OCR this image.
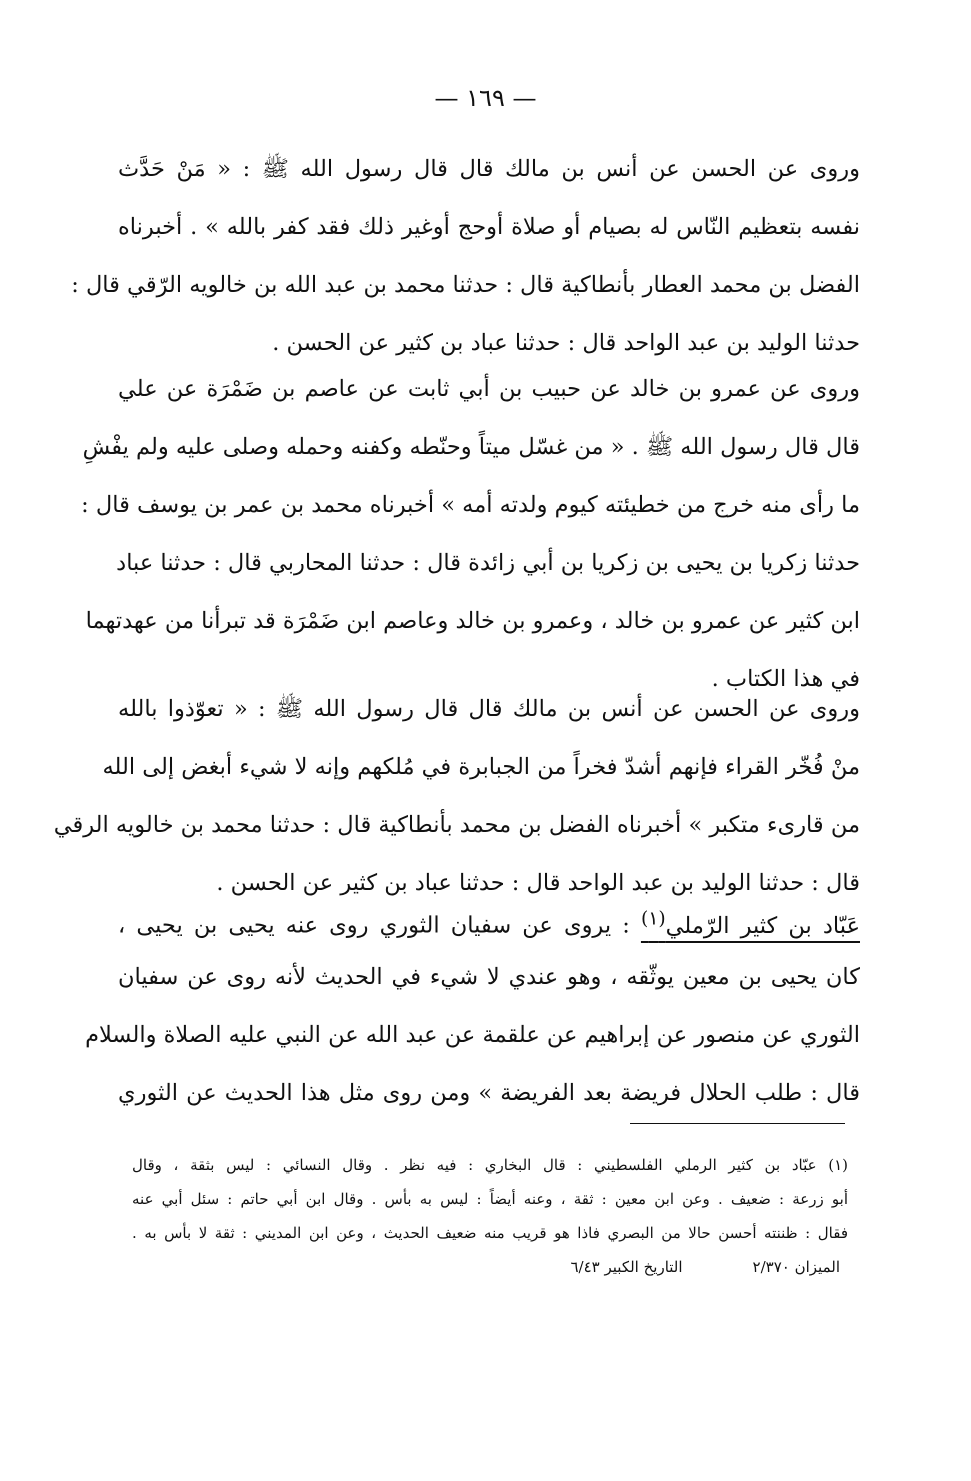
— ١٦٩ —
وروى عن الحسن عن أنس بن مالك قال قال رسول الله ﷺ : « مَنْ حَدَّث
نفسه بتعظيم النّاس له بصيام أو صلاة أوحج أوغير ذلك فقد كفر بالله » . أخبرناه
الفضل بن محمد العطار بأنطاكية قال : حدثنا محمد بن عبد الله بن خالويه الرّقي قال :
حدثنا الوليد بن عبد الواحد قال : حدثنا عباد بن كثير عن الحسن .
وروى عن عمرو بن خالد عن حبيب بن أبي ثابت عن عاصم بن ضَمْرَة عن علي
قال قال رسول الله ﷺ . « من غسّل ميتاً وحنّطه وكفنه وحمله وصلى عليه ولم يفْشِ
ما رأى منه خرج من خطيئته كيوم ولدته أمه » أخبرناه محمد بن عمر بن يوسف قال :
حدثنا زكريا بن يحيى بن زكريا بن أبي زائدة قال : حدثنا المحاربي قال : حدثنا عباد
ابن كثير عن عمرو بن خالد ، وعمرو بن خالد وعاصم ابن ضَمْرَة قد تبرأنا من عهدتهما
في هذا الكتاب .
وروى عن الحسن عن أنس بن مالك قال قال رسول الله ﷺ : « تعوّذوا بالله
منْ فُخّر القراء فإنهم أشدّ فخراً من الجبابرة في مُلكهم وإنه لا شيء أبغض إلى الله
من قارىء متكبر » أخبرناه الفضل بن محمد بأنطاكية قال : حدثنا محمد بن خالويه الرقي
قال : حدثنا الوليد بن عبد الواحد قال : حدثنا عباد بن كثير عن الحسن .
عَبّاد بن كثير الرّملي$^{(١)}$ : يروى عن سفيان الثوري روى عنه يحيى بن يحيى ،
كان يحيى بن معين يوثّقه ، وهو عندي لا شيء في الحديث لأنه روى عن سفيان
الثوري عن منصور عن إبراهيم عن علقمة عن عبد الله عن النبي عليه الصلاة والسلام
قال : طلب الحلال فريضة بعد الفريضة » ومن روى مثل هذا الحديث عن الثوري
(١) عبّاد بن كثير الرملي الفلسطيني : قال البخاري : فيه نظر . وقال النسائي : ليس بثقة ، وقال
أبو زرعة : ضعيف . وعن ابن معين : ثقة ، وعنه أيضاً : ليس به بأس . وقال ابن أبي حاتم : سئل أبي عنه
فقال : ظننته أحسن حالا من البصري فاذا هو قريب منه ضعيف الحديث ، وعن ابن المديني : ثقة لا بأس به .
الميزان ٢/٣٧٠
التاريخ الكبير ٦/٤٣
